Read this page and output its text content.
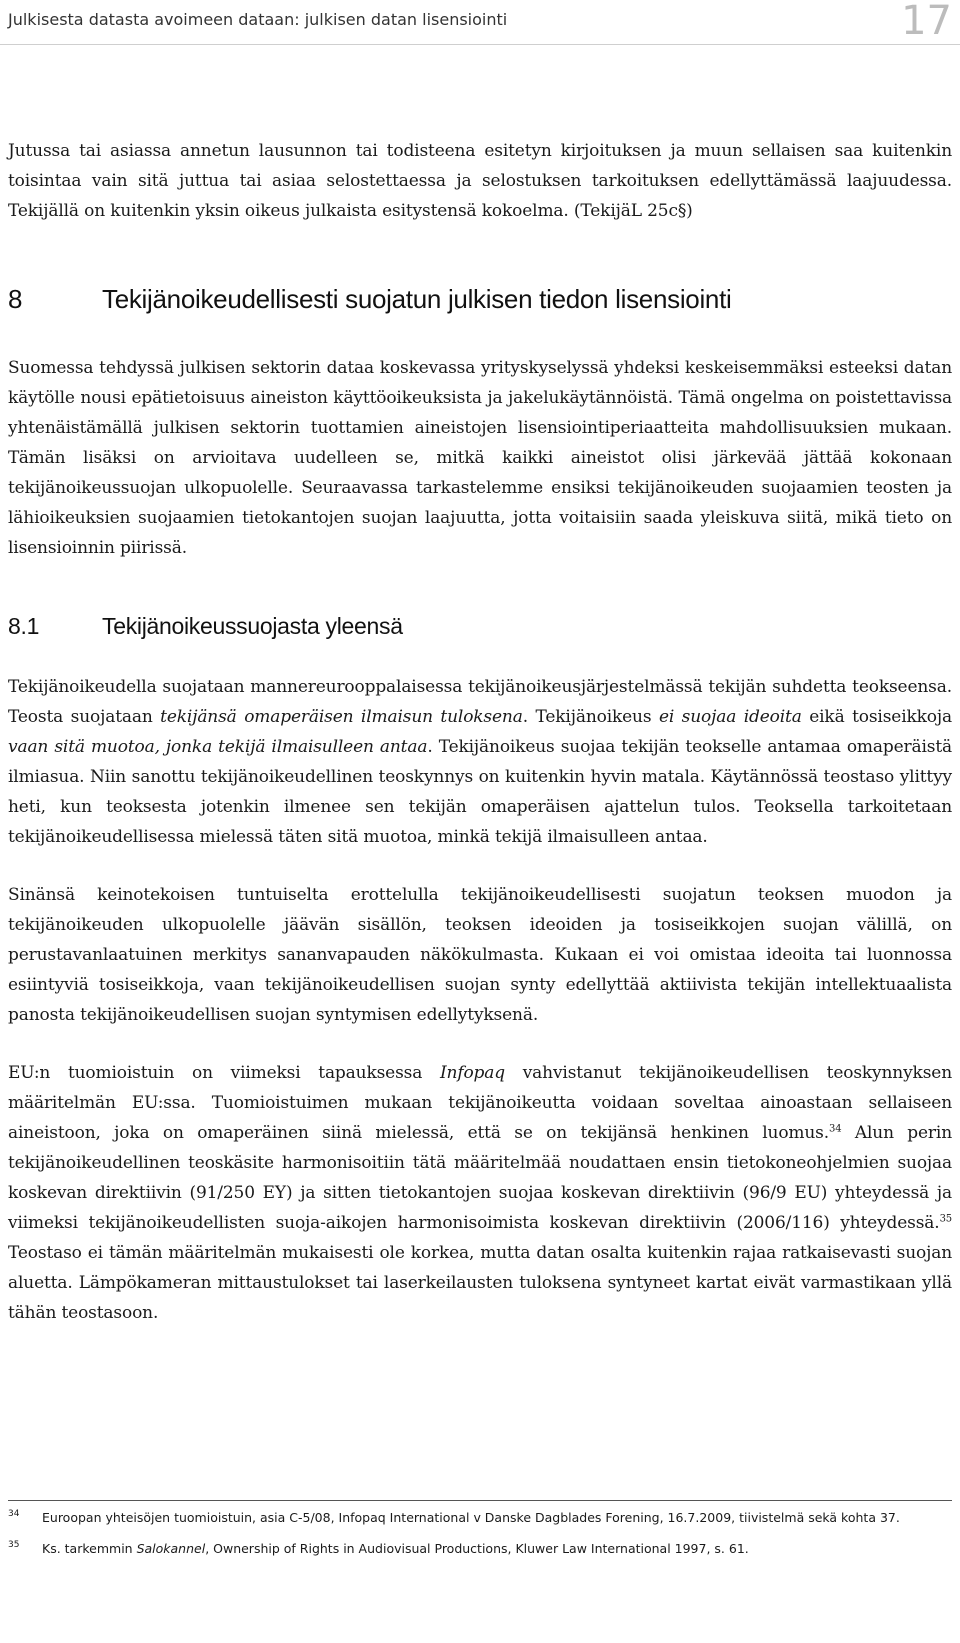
Julkisesta datasta avoimeen dataan: julkisen datan lisensiointi	17

Jutussa tai asiassa annetun lausunnon tai todisteena esitetyn kirjoituksen ja muun sellaisen saa kuitenkin toisintaa vain sitä juttua tai asiaa selostettaessa ja selostuksen tarkoituksen edellyttämässä laajuudessa. Tekijällä on kuitenkin yksin oikeus julkaista esitystensä kokoelma. (TekijäL 25c§)

8	Tekijänoikeudellisesti suojatun julkisen tiedon lisensiointi

Suomessa tehdyssä julkisen sektorin dataa koskevassa yrityskyselyssä yhdeksi keskeisemmäksi esteeksi datan käytölle nousi epätietoisuus aineiston käyttöoikeuksista ja jakelukäytännöistä. Tämä ongelma on poistettavissa yhtenäistämällä julkisen sektorin tuottamien aineistojen lisensiointiperiaatteita mahdollisuuksien mukaan. Tämän lisäksi on arvioitava uudelleen se, mitkä kaikki aineistot olisi järkevää jättää kokonaan tekijänoikeussuojan ulkopuolelle. Seuraavassa tarkastelemme ensiksi tekijänoikeuden suojaamien teosten ja lähioikeuksien suojaamien tietokantojen suojan laajuutta, jotta voitaisiin saada yleiskuva siitä, mikä tieto on lisensioinnin piirissä.

8.1	Tekijänoikeussuojasta yleensä

Tekijänoikeudella suojataan mannereurooppalaisessa tekijänoikeusjärjestelmässä tekijän suhdetta teokseensa. Teosta suojataan tekijänsä omaperäisen ilmaisun tuloksena. Tekijänoikeus ei suojaa ideoita eikä tosiseikkoja vaan sitä muotoa, jonka tekijä ilmaisulleen antaa. Tekijänoikeus suojaa tekijän teokselle antamaa omaperäistä ilmiasua. Niin sanottu tekijänoikeudellinen teoskynnys on kuitenkin hyvin matala. Käytännössä teostaso ylittyy heti, kun teoksesta jotenkin ilmenee sen tekijän omaperäisen ajattelun tulos. Teoksella tarkoitetaan tekijänoikeudellisessa mielessä täten sitä muotoa, minkä tekijä ilmaisulleen antaa.

Sinänsä keinotekoisen tuntuiselta erottelulla tekijänoikeudellisesti suojatun teoksen muodon ja tekijänoikeuden ulkopuolelle jäävän sisällön, teoksen ideoiden ja tosiseikkojen suojan välillä, on perustavanlaatuinen merkitys sananvapauden näkökulmasta. Kukaan ei voi omistaa ideoita tai luonnossa esiintyviä tosiseikkoja, vaan tekijänoikeudellisen suojan synty edellyttää aktiivista tekijän intellektuaalista panosta tekijänoikeudellisen suojan syntymisen edellytyksenä.

EU:n tuomioistuin on viimeksi tapauksessa Infopaq vahvistanut tekijänoikeudellisen teoskynnyksen määritelmän EU:ssa. Tuomioistuimen mukaan tekijänoikeutta voidaan soveltaa ainoastaan sellaiseen aineistoon, joka on omaperäinen siinä mielessä, että se on tekijänsä henkinen luomus.$^{34}$ Alun perin tekijänoikeudellinen teoskäsite harmonisoitiin tätä määritelmää noudattaen ensin tietokoneohjelmien suojaa koskevan direktiivin (91/250 EY) ja sitten tietokantojen suojaa koskevan direktiivin (96/9 EU) yhteydessä ja viimeksi tekijänoikeudellisten suoja-aikojen harmonisoimista koskevan direktiivin (2006/116) yhteydessä.$^{35}$ Teostaso ei tämän määritelmän mukaisesti ole korkea, mutta datan osalta kuitenkin rajaa ratkaisevasti suojan aluetta. Lämpökameran mittaustulokset tai laserkeilausten tuloksena syntyneet kartat eivät varmastikaan yllä tähän teostasoon.

34	Euroopan yhteisöjen tuomioistuin, asia C-5/08, Infopaq International v Danske Dagblades Forening, 16.7.2009, tiivistelmä sekä kohta 37.
35	Ks. tarkemmin Salokannel, Ownership of Rights in Audiovisual Productions, Kluwer Law International 1997, s. 61.
